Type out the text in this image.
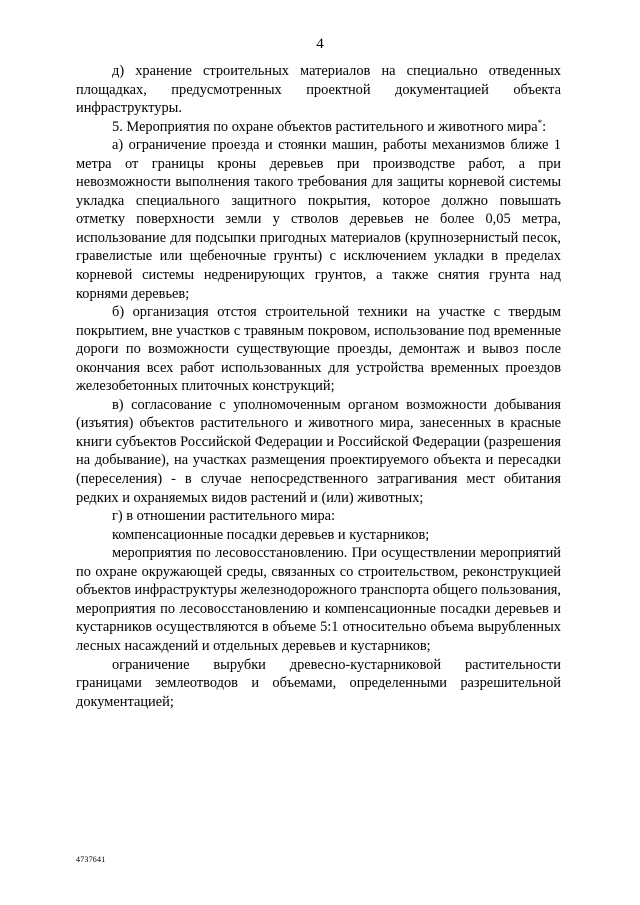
4

д) хранение строительных материалов на специально отведенных площадках, предусмотренных проектной документацией объекта инфраструктуры.

5. Мероприятия по охране объектов растительного и животного мира*:

а) ограничение проезда и стоянки машин, работы механизмов ближе 1 метра от границы кроны деревьев при производстве работ, а при невозможности выполнения такого требования для защиты корневой системы укладка специального защитного покрытия, которое должно повышать отметку поверхности земли у стволов деревьев не более 0,05 метра, использование для подсыпки пригодных материалов (крупнозернистый песок, гравелистые или щебеночные грунты) с исключением укладки в пределах корневой системы недренирующих грунтов, а также снятия грунта над корнями деревьев;

б) организация отстоя строительной техники на участке с твердым покрытием, вне участков с травяным покровом, использование под временные дороги по возможности существующие проезды, демонтаж и вывоз после окончания всех работ использованных для устройства временных проездов железобетонных плиточных конструкций;

в) согласование с уполномоченным органом возможности добывания (изъятия) объектов растительного и животного мира, занесенных в красные книги субъектов Российской Федерации и Российской Федерации (разрешения на добывание), на участках размещения проектируемого объекта и пересадки (переселения) - в случае непосредственного затрагивания мест обитания редких и охраняемых видов растений и (или) животных;

г) в отношении растительного мира:

компенсационные посадки деревьев и кустарников;

мероприятия по лесовосстановлению. При осуществлении мероприятий по охране окружающей среды, связанных со строительством, реконструкцией объектов инфраструктуры железнодорожного транспорта общего пользования, мероприятия по лесовосстановлению и компенсационные посадки деревьев и кустарников осуществляются в объеме 5:1 относительно объема вырубленных лесных насаждений и отдельных деревьев и кустарников;

ограничение вырубки древесно-кустарниковой растительности границами землеотводов и объемами, определенными разрешительной документацией;

4737641
